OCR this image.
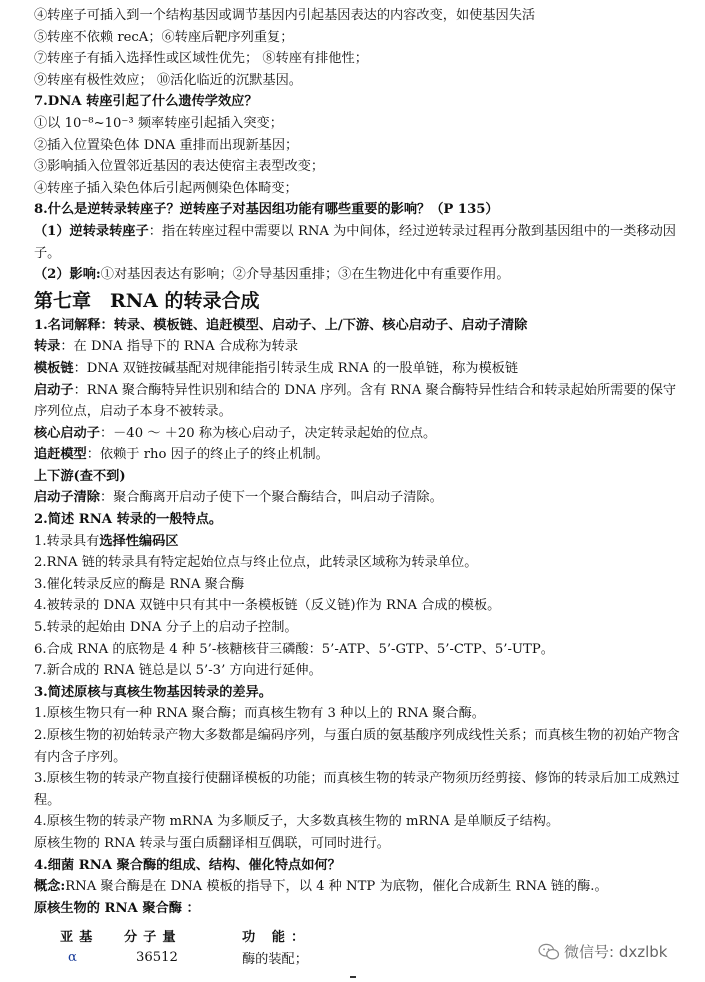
④转座子可插入到一个结构基因或调节基因内引起基因表达的内容改变，如使基因失活
⑤转座不依赖 recA；⑥转座后靶序列重复；
⑦转座子有插入选择性或区域性优先； ⑧转座有排他性；
⑨转座有极性效应； ⑩活化临近的沉默基因。
7.DNA 转座引起了什么遗传学效应？
①以 10⁻⁸~10⁻³ 频率转座引起插入突变；
②插入位置染色体 DNA 重排而出现新基因；
③影响插入位置邻近基因的表达使宿主表型改变；
④转座子插入染色体后引起两侧染色体畸变；
8.什么是逆转录转座子？逆转座子对基因组功能有哪些重要的影响？（P 135）
（1）逆转录转座子：指在转座过程中需要以 RNA 为中间体，经过逆转录过程再分散到基因组中的一类移动因子。
（2）影响:①对基因表达有影响；②介导基因重排；③在生物进化中有重要作用。
第七章　RNA 的转录合成
1.名词解释：转录、模板链、追赶模型、启动子、上/下游、核心启动子、启动子清除
转录：在 DNA 指导下的 RNA 合成称为转录
模板链：DNA 双链按碱基配对规律能指引转录生成 RNA 的一股单链，称为模板链
启动子：RNA 聚合酶特异性识别和结合的 DNA 序列。含有 RNA 聚合酶特异性结合和转录起始所需要的保守序列位点，启动子本身不被转录。
核心启动子：－40 ～ ＋20 称为核心启动子，决定转录起始的位点。
追赶模型：依赖于 rho 因子的终止子的终止机制。
上下游(查不到)
启动子清除：聚合酶离开启动子使下一个聚合酶结合，叫启动子清除。
2.简述 RNA 转录的一般特点。
1.转录具有选择性编码区
2.RNA 链的转录具有特定起始位点与终止位点，此转录区域称为转录单位。
3.催化转录反应的酶是 RNA 聚合酶
4.被转录的 DNA 双链中只有其中一条模板链（反义链)作为 RNA 合成的模板。
5.转录的起始由 DNA 分子上的启动子控制。
6.合成 RNA 的底物是 4 种 5’-核糖核苷三磷酸：5’-ATP、5’-GTP、5’-CTP、5’-UTP。
7.新合成的 RNA 链总是以 5’-3’ 方向进行延伸。
3.简述原核与真核生物基因转录的差异。
1.原核生物只有一种 RNA 聚合酶；而真核生物有 3 种以上的 RNA 聚合酶。
2.原核生物的初始转录产物大多数都是编码序列，与蛋白质的氨基酸序列成线性关系；而真核生物的初始产物含有内含子序列。
3.原核生物的转录产物直接行使翻译模板的功能；而真核生物的转录产物须历经剪接、修饰的转录后加工成熟过程。
4.原核生物的转录产物 mRNA 为多顺反子，大多数真核生物的 mRNA 是单顺反子结构。
原核生物的 RNA 转录与蛋白质翻译相互偶联，可同时进行。
4.细菌 RNA 聚合酶的组成、结构、催化特点如何？
概念:RNA 聚合酶是在 DNA 模板的指导下，以 4 种 NTP 为底物，催化合成新生 RNA 链的酶.。
原核生物的 RNA 聚合酶 ：
亚基	分子量	功 能：
α	36512	酶的装配；	微信号: dxzlbk
